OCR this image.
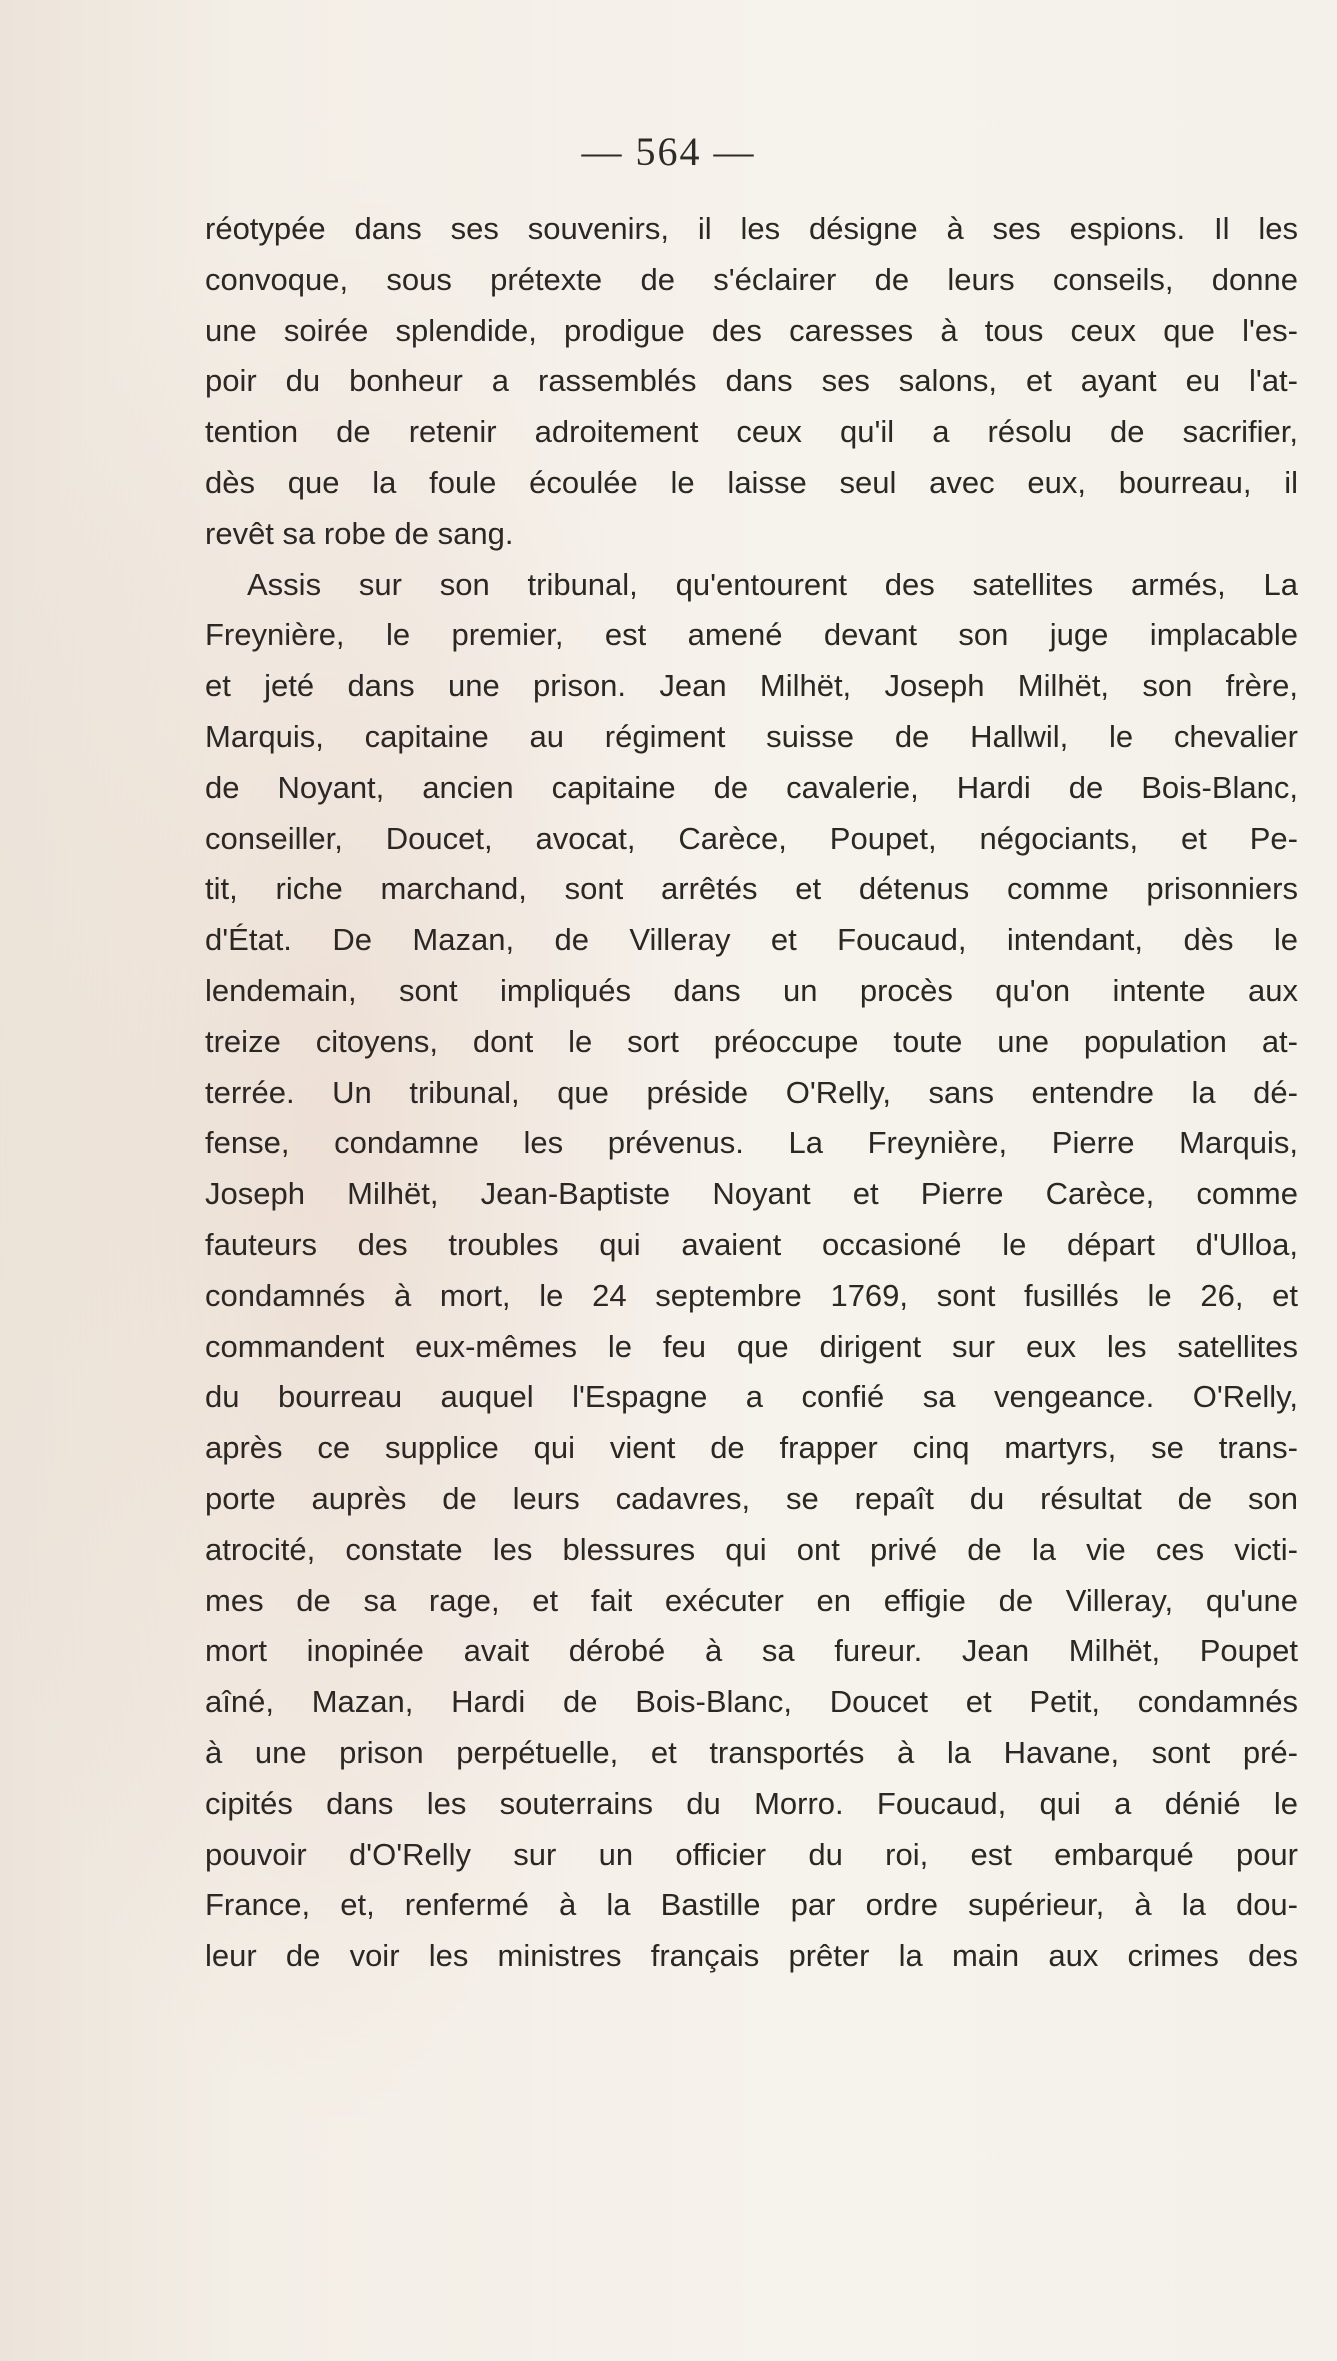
— 564 —
réotypée dans ses souvenirs, il les désigne à ses espions. Il les
convoque, sous prétexte de s'éclairer de leurs conseils, donne
une soirée splendide, prodigue des caresses à tous ceux que l'es-
poir du bonheur a rassemblés dans ses salons, et ayant eu l'at-
tention de retenir adroitement ceux qu'il a résolu de sacrifier,
dès que la foule écoulée le laisse seul avec eux, bourreau, il
revêt sa robe de sang.
Assis sur son tribunal, qu'entourent des satellites armés, La
Freynière, le premier, est amené devant son juge implacable
et jeté dans une prison. Jean Milhët, Joseph Milhët, son frère,
Marquis, capitaine au régiment suisse de Hallwil, le chevalier
de Noyant, ancien capitaine de cavalerie, Hardi de Bois-Blanc,
conseiller, Doucet, avocat, Carèce, Poupet, négociants, et Pe-
tit, riche marchand, sont arrêtés et détenus comme prisonniers
d'État. De Mazan, de Villeray et Foucaud, intendant, dès le
lendemain, sont impliqués dans un procès qu'on intente aux
treize citoyens, dont le sort préoccupe toute une population at-
terrée. Un tribunal, que préside O'Relly, sans entendre la dé-
fense, condamne les prévenus. La Freynière, Pierre Marquis,
Joseph Milhët, Jean-Baptiste Noyant et Pierre Carèce, comme
fauteurs des troubles qui avaient occasioné le départ d'Ulloa,
condamnés à mort, le 24 septembre 1769, sont fusillés le 26, et
commandent eux-mêmes le feu que dirigent sur eux les satellites
du bourreau auquel l'Espagne a confié sa vengeance. O'Relly,
après ce supplice qui vient de frapper cinq martyrs, se trans-
porte auprès de leurs cadavres, se repaît du résultat de son
atrocité, constate les blessures qui ont privé de la vie ces victi-
mes de sa rage, et fait exécuter en effigie de Villeray, qu'une
mort inopinée avait dérobé à sa fureur. Jean Milhët, Poupet
aîné, Mazan, Hardi de Bois-Blanc, Doucet et Petit, condamnés
à une prison perpétuelle, et transportés à la Havane, sont pré-
cipités dans les souterrains du Morro. Foucaud, qui a dénié le
pouvoir d'O'Relly sur un officier du roi, est embarqué pour
France, et, renfermé à la Bastille par ordre supérieur, à la dou-
leur de voir les ministres français prêter la main aux crimes des
